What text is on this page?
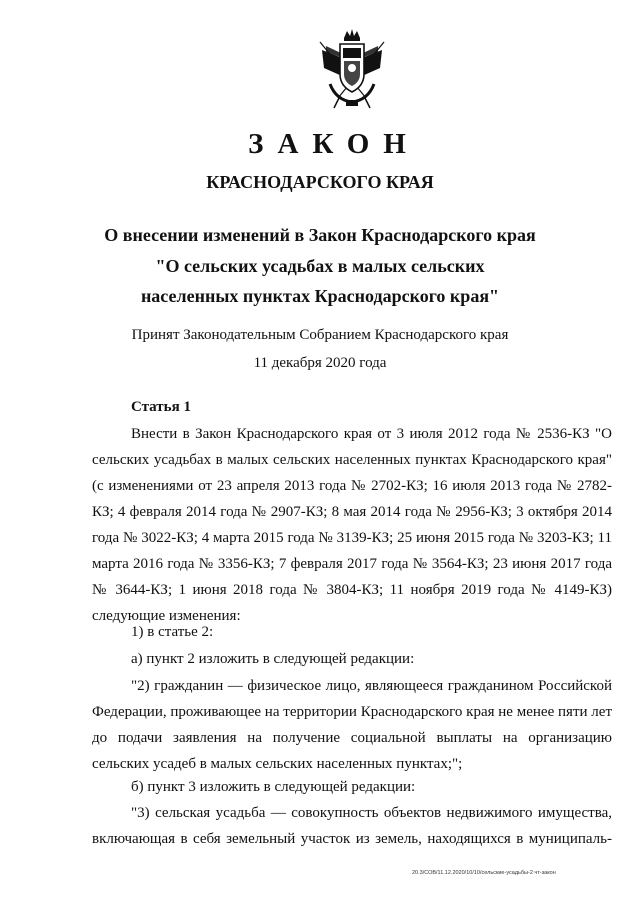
ЗАКОН
КРАСНОДАРСКОГО КРАЯ
О внесении изменений в Закон Краснодарского края
"О сельских усадьбах в малых сельских
населенных пунктах Краснодарского края"
Принят Законодательным Собранием Краснодарского края
11 декабря 2020 года
Статья 1

Внести в Закон Краснодарского края от 3 июля 2012 года № 2536-КЗ "О сельских усадьбах в малых сельских населенных пунктах Краснодарского края" (с изменениями от 23 апреля 2013 года № 2702-КЗ; 16 июля 2013 года № 2782-КЗ; 4 февраля 2014 года № 2907-КЗ; 8 мая 2014 года № 2956-КЗ; 3 октября 2014 года № 3022-КЗ; 4 марта 2015 года № 3139-КЗ; 25 июня 2015 года № 3203-КЗ; 11 марта 2016 года № 3356-КЗ; 7 февраля 2017 года № 3564-КЗ; 23 июня 2017 года № 3644-КЗ; 1 июня 2018 года № 3804-КЗ; 11 ноября 2019 года № 4149-КЗ) следующие изменения:

1) в статье 2:

а) пункт 2 изложить в следующей редакции:

"2) гражданин — физическое лицо, являющееся гражданином Российской Федерации, проживающее на территории Краснодарского края не менее пяти лет до подачи заявления на получение социальной выплаты на организацию сельских усадеб в малых сельских населенных пунктах;";

б) пункт 3 изложить в следующей редакции:

"3) сельская усадьба — совокупность объектов недвижимого имущества, включающая в себя земельный участок из земель, находящихся в муниципаль-

20.3/СОВ/11.12.2020/10/10/сельские-усадьбы-2 чт-закон
